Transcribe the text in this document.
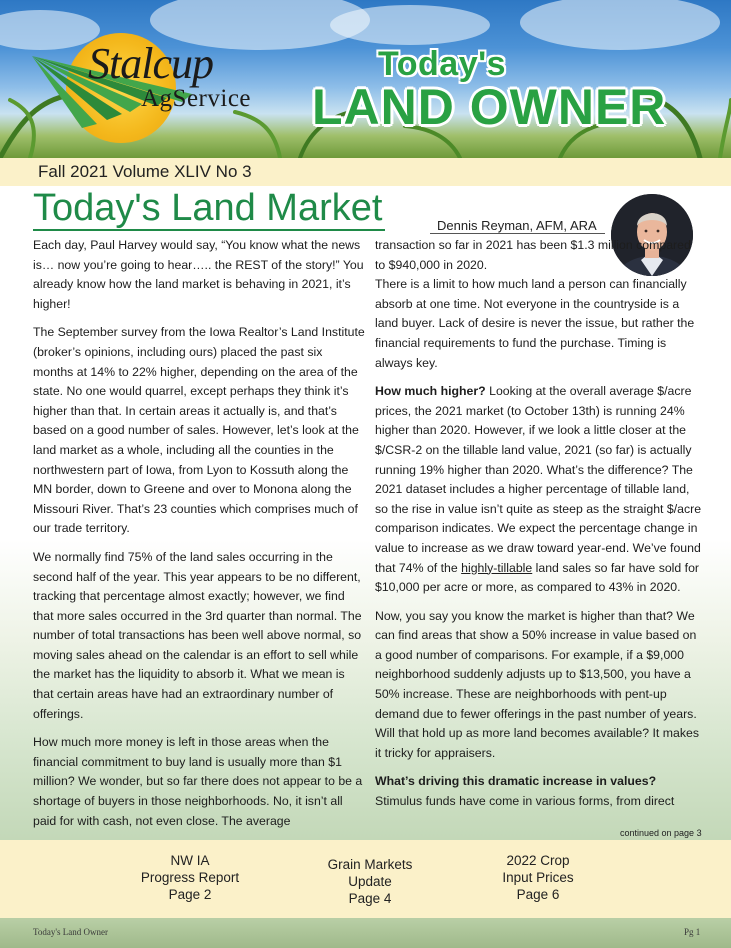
Stalcup
AgService
Today's
LAND OWNER
Fall 2021 Volume XLIV No 3
Today's Land Market	Dennis Reyman, AFM, ARA

Each day, Paul Harvey would say, “You know what the news is… now you’re going to hear….. the REST of the story!” You already know how the land market is behaving in 2021, it’s higher!

The September survey from the Iowa Realtor’s Land Institute (broker’s opinions, including ours) placed the past six months at 14% to 22% higher, depending on the area of the state. No one would quarrel, except perhaps they think it’s higher than that. In certain areas it actually is, and that’s based on a good number of sales. However, let’s look at the land market as a whole, including all the counties in the northwestern part of Iowa, from Lyon to Kossuth along the MN border, down to Greene and over to Monona along the Missouri River. That’s 23 counties which comprises much of our trade territory.

We normally find 75% of the land sales occurring in the second half of the year. This year appears to be no different, tracking that percentage almost exactly; however, we find that more sales occurred in the 3rd quarter than normal. The number of total transactions has been well above normal, so moving sales ahead on the calendar is an effort to sell while the market has the liquidity to absorb it. What we mean is that certain areas have had an extraordinary number of offerings.

How much more money is left in those areas when the financial commitment to buy land is usually more than $1 million? We wonder, but so far there does not appear to be a shortage of buyers in those neighborhoods. No, it isn’t all paid for with cash, not even close. The average

transaction so far in 2021 has been $1.3 million compared to $940,000 in 2020.

There is a limit to how much land a person can financially absorb at one time. Not everyone in the countryside is a land buyer. Lack of desire is never the issue, but rather the financial requirements to fund the purchase. Timing is always key.

How much higher? Looking at the overall average $/acre prices, the 2021 market (to October 13th) is running 24% higher than 2020. However, if we look a little closer at the $/CSR-2 on the tillable land value, 2021 (so far) is actually running 19% higher than 2020. What’s the difference? The 2021 dataset includes a higher percentage of tillable land, so the rise in value isn’t quite as steep as the straight $/acre comparison indicates. We expect the percentage change in value to increase as we draw toward year-end. We’ve found that 74% of the highly-tillable land sales so far have sold for $10,000 per acre or more, as compared to 43% in 2020.

Now, you say you know the market is higher than that? We can find areas that show a 50% increase in value based on a good number of comparisons. For example, if a $9,000 neighborhood suddenly adjusts up to $13,500, you have a 50% increase. These are neighborhoods with pent-up demand due to fewer offerings in the past number of years. Will that hold up as more land becomes available? It makes it tricky for appraisers.

What’s driving this dramatic increase in values?

Stimulus funds have come in various forms, from direct

continued on page 3
NW IA
Progress Report
Page 2
Grain Markets
Update
Page 4
2022 Crop
Input Prices
Page 6
Today's Land Owner	Pg 1
